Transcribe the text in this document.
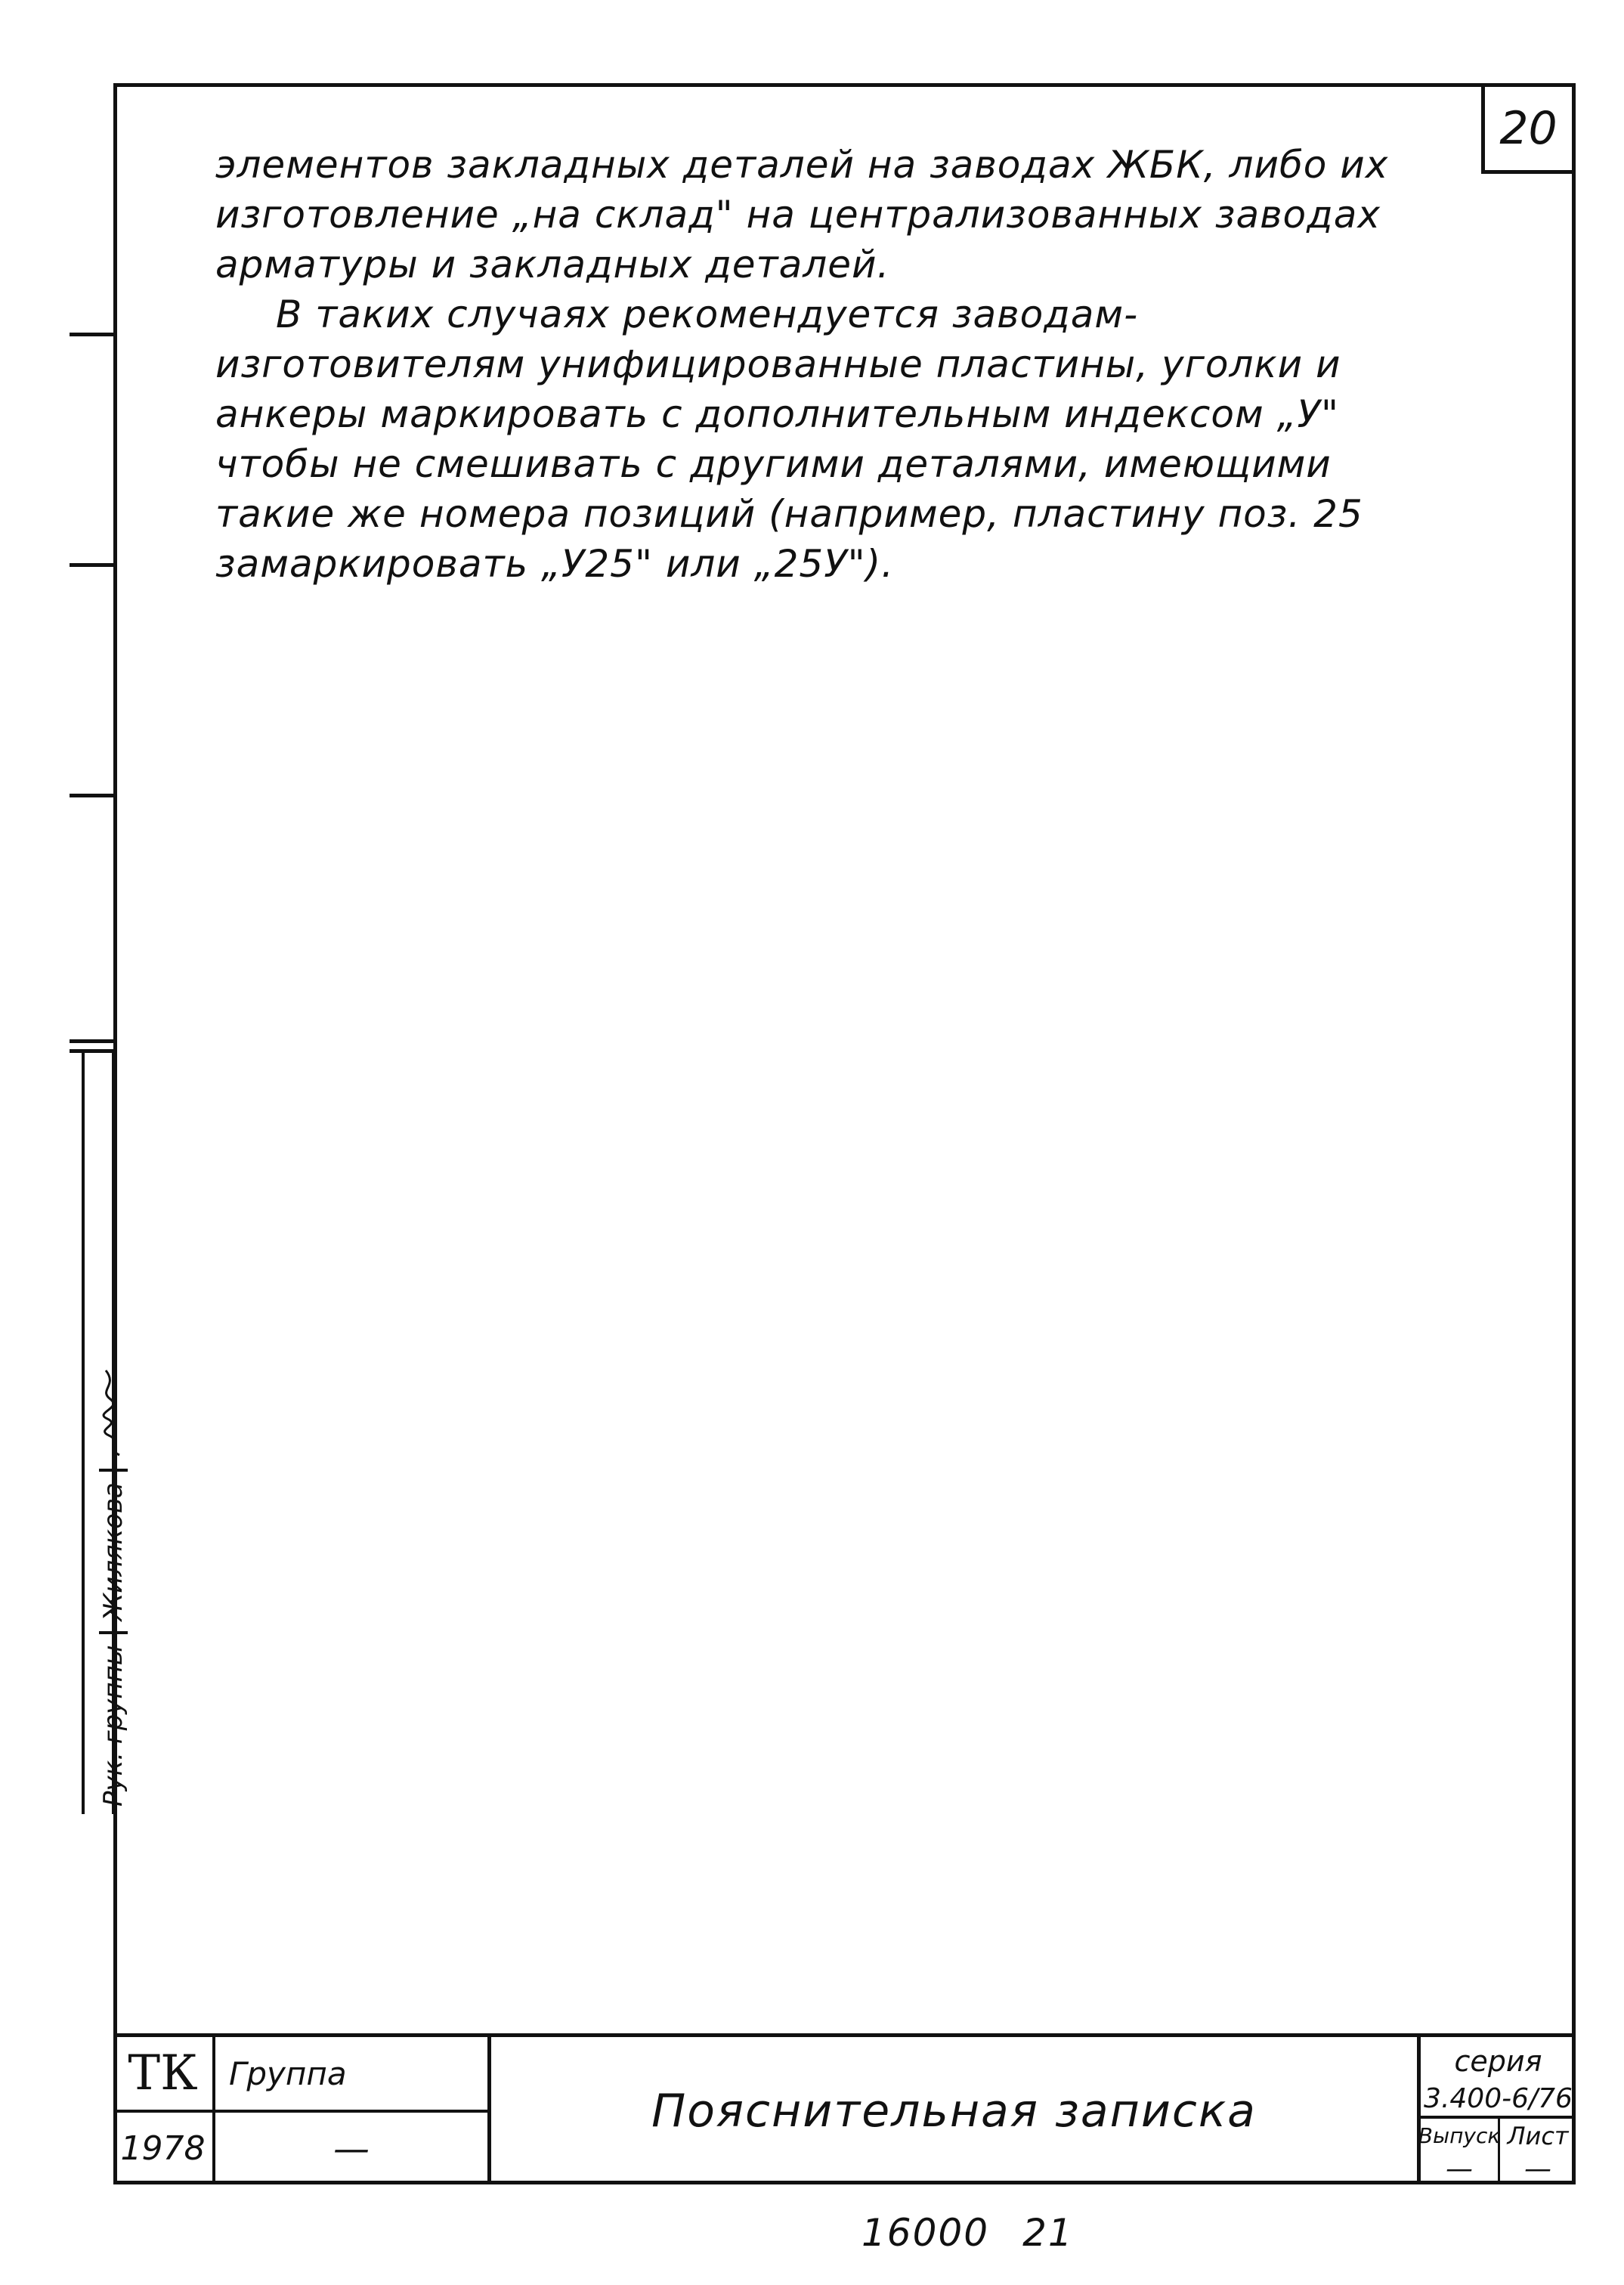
20

элементов закладных деталей на заводах ЖБК, либо их изготовление „на склад" на централизованных заводах арматуры и закладных деталей.

В таких случаях рекомендуется заводам-изготовителям унифицированные пластины, уголки и анкеры маркировать с дополнительным индексом „У" чтобы не смешивать с другими деталями, имеющими такие же номера позиций (например, пластину поз. 25 замаркировать „У25" или „25У").

Рук. группы
Жилякова
ТК
1978
Группа
—
Пояснительная записка
серия
3.400-6/76
Выпуск Лист
—	—
16000 21
